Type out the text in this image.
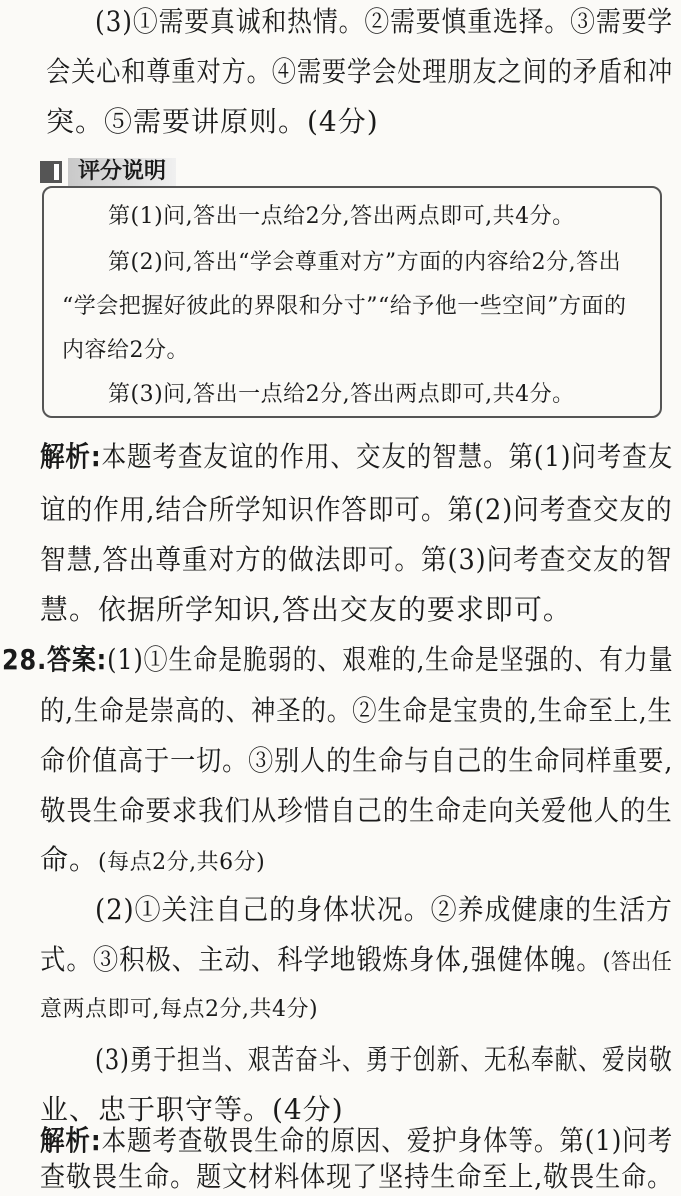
(3)①需要真诚和热情。②需要慎重选择。③需要学
会关心和尊重对方。④需要学会处理朋友之间的矛盾和冲
突。⑤需要讲原则。(4分)
评分说明
第(1)问,答出一点给2分,答出两点即可,共4分。
第(2)问,答出“学会尊重对方”方面的内容给2分,答出
“学会把握好彼此的界限和分寸”“给予他一些空间”方面的
内容给2分。
第(3)问,答出一点给2分,答出两点即可,共4分。
解析:本题考查友谊的作用、交友的智慧。第(1)问考查友
谊的作用,结合所学知识作答即可。第(2)问考查交友的
智慧,答出尊重对方的做法即可。第(3)问考查交友的智
慧。依据所学知识,答出交友的要求即可。
28.答案:(1)①生命是脆弱的、艰难的,生命是坚强的、有力量
的,生命是崇高的、神圣的。②生命是宝贵的,生命至上,生
命价值高于一切。③别人的生命与自己的生命同样重要,
敬畏生命要求我们从珍惜自己的生命走向关爱他人的生
命。(每点2分,共6分)
(2)①关注自己的身体状况。②养成健康的生活方
式。③积极、主动、科学地锻炼身体,强健体魄。(答出任
意两点即可,每点2分,共4分)
(3)勇于担当、艰苦奋斗、勇于创新、无私奉献、爱岗敬
业、忠于职守等。(4分)
解析:本题考查敬畏生命的原因、爱护身体等。第(1)问考
查敬畏生命。题文材料体现了坚持生命至上,敬畏生命。
